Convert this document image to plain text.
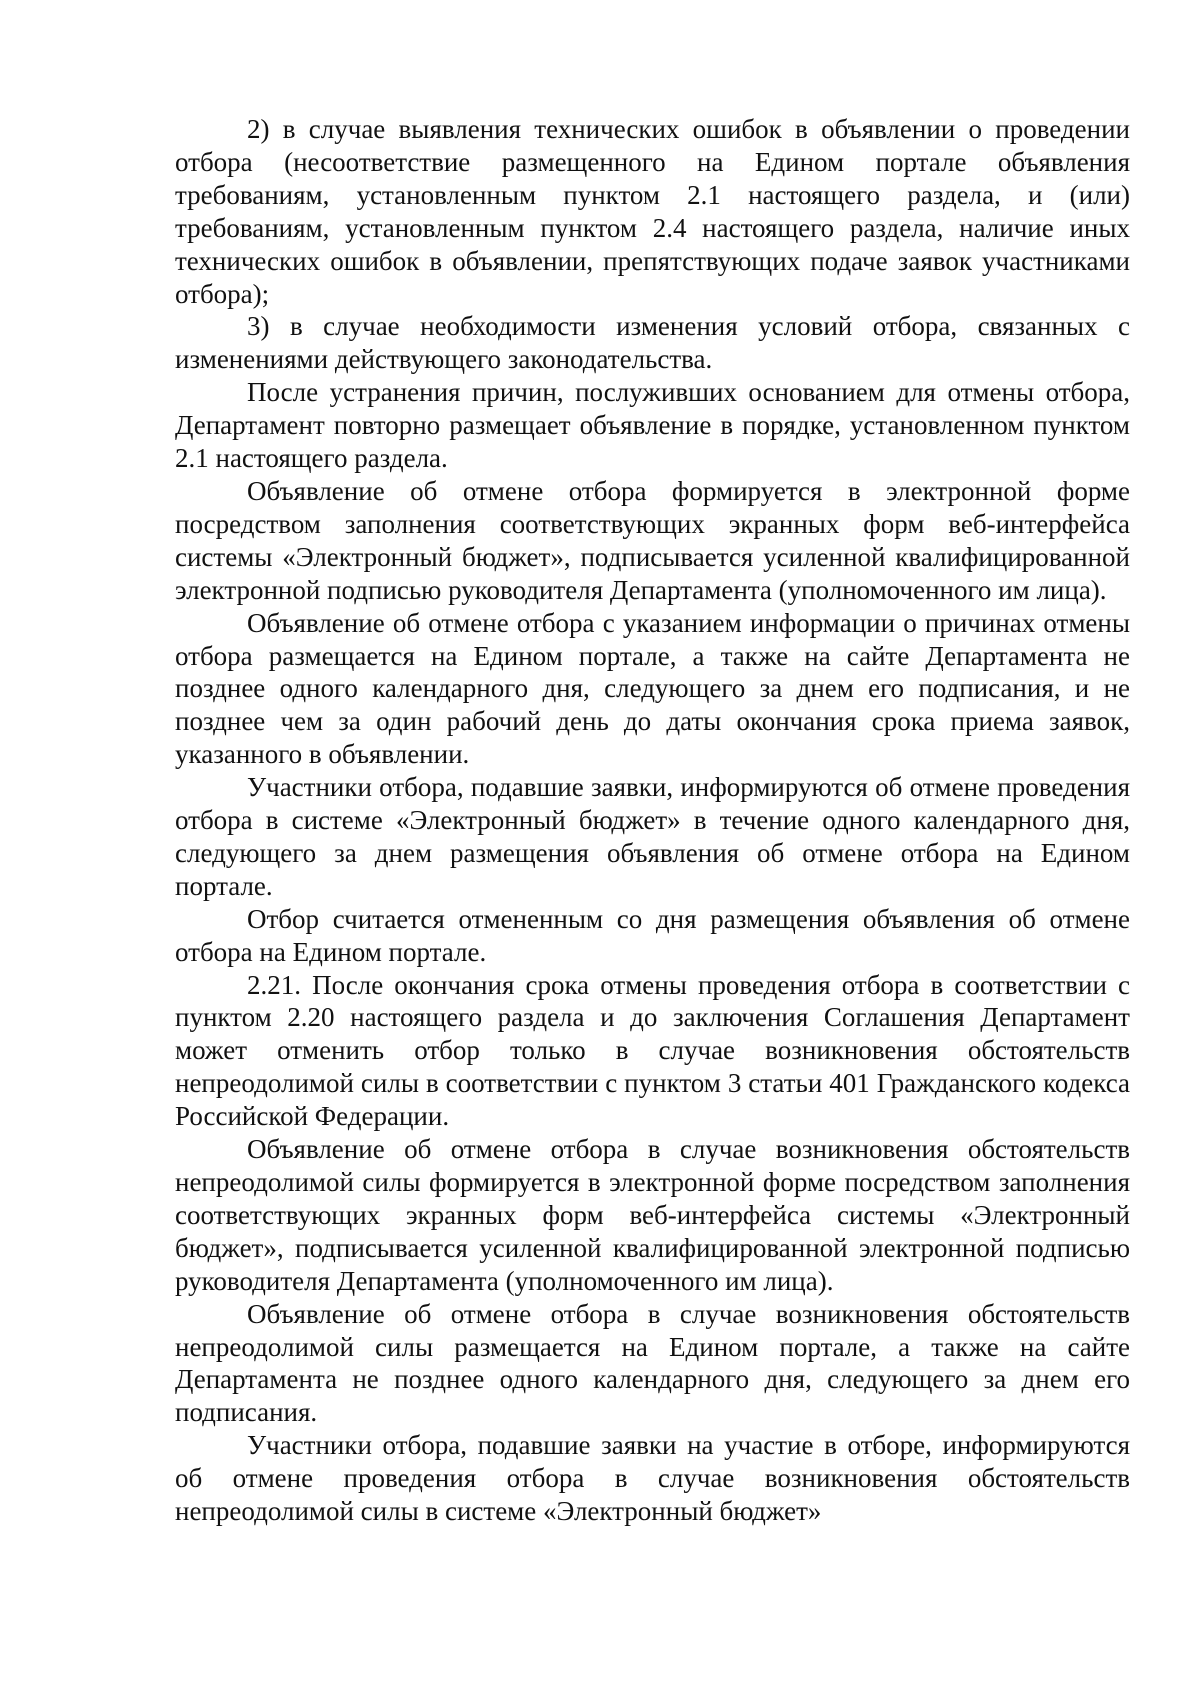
2) в случае выявления технических ошибок в объявлении о проведении отбора (несоответствие размещенного на Едином портале объявления требованиям, установленным пунктом 2.1 настоящего раздела, и (или) требованиям, установленным пунктом 2.4 настоящего раздела, наличие иных технических ошибок в объявлении, препятствующих подаче заявок участниками отбора);

3) в случае необходимости изменения условий отбора, связанных с изменениями действующего законодательства.

После устранения причин, послуживших основанием для отмены отбора, Департамент повторно размещает объявление в порядке, установленном пунктом 2.1 настоящего раздела.

Объявление об отмене отбора формируется в электронной форме посредством заполнения соответствующих экранных форм веб-интерфейса системы «Электронный бюджет», подписывается усиленной квалифицированной электронной подписью руководителя Департамента (уполномоченного им лица).

Объявление об отмене отбора с указанием информации о причинах отмены отбора размещается на Едином портале, а также на сайте Департамента не позднее одного календарного дня, следующего за днем его подписания, и не позднее чем за один рабочий день до даты окончания срока приема заявок, указанного в объявлении.

Участники отбора, подавшие заявки, информируются об отмене проведения отбора в системе «Электронный бюджет» в течение одного календарного дня, следующего за днем размещения объявления об отмене отбора на Едином портале.

Отбор считается отмененным со дня размещения объявления об отмене отбора на Едином портале.

2.21. После окончания срока отмены проведения отбора в соответствии с пунктом 2.20 настоящего раздела и до заключения Соглашения Департамент может отменить отбор только в случае возникновения обстоятельств непреодолимой силы в соответствии с пунктом 3 статьи 401 Гражданского кодекса Российской Федерации.

Объявление об отмене отбора в случае возникновения обстоятельств непреодолимой силы формируется в электронной форме посредством заполнения соответствующих экранных форм веб-интерфейса системы «Электронный бюджет», подписывается усиленной квалифицированной электронной подписью руководителя Департамента (уполномоченного им лица).

Объявление об отмене отбора в случае возникновения обстоятельств непреодолимой силы размещается на Едином портале, а также на сайте Департамента не позднее одного календарного дня, следующего за днем его подписания.

Участники отбора, подавшие заявки на участие в отборе, информируются об отмене проведения отбора в случае возникновения обстоятельств непреодолимой силы в системе «Электронный бюджет»
